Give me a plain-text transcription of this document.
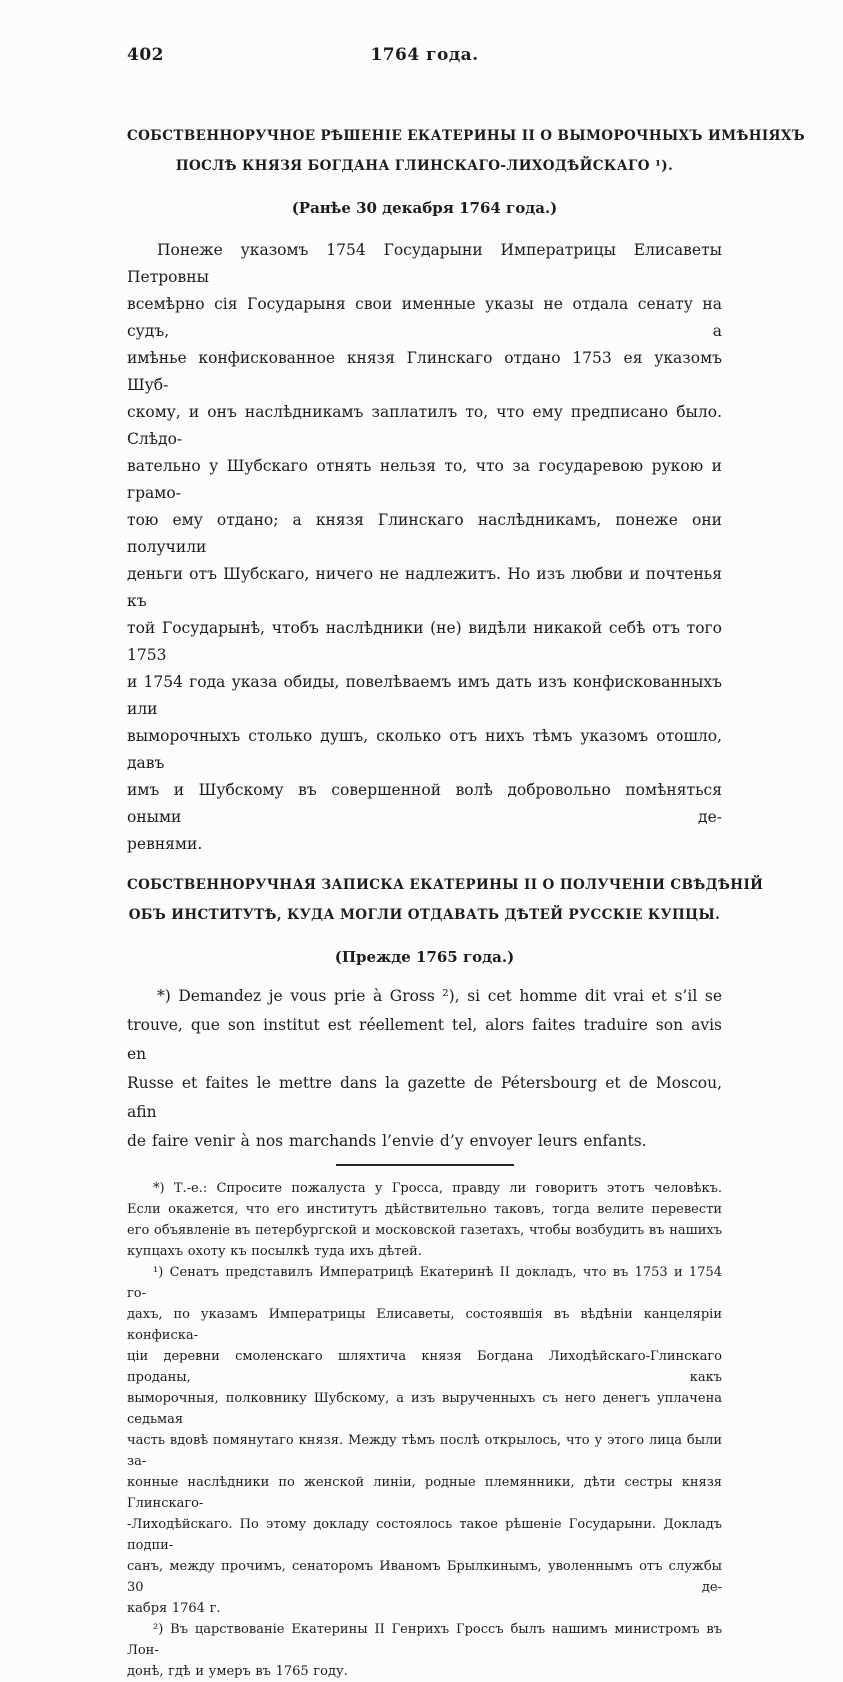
402	1764 года.
СОБСТВЕННОРУЧНОЕ РѢШЕНІЕ ЕКАТЕРИНЫ II О ВЫМОРОЧНЫХЪ ИМѢНІЯХЪ
ПОСЛѢ КНЯЗЯ БОГДАНА ГЛИНСКАГО-ЛИХОДѢЙСКАГО ¹).
(Ранѣе 30 декабря 1764 года.)
Понеже указомъ 1754 Государыни Императрицы Елисаветы Петровны
всемѣрно сія Государыня свои именные указы не отдала сенату на судъ, а
имѣнье конфискованное князя Глинскаго отдано 1753 ея указомъ Шуб-
скому, и онъ наслѣдникамъ заплатилъ то, что ему предписано было. Слѣдо-
вательно у Шубскаго отнять нельзя то, что за государевою рукою и грамо-
тою ему отдано; а князя Глинскаго наслѣдникамъ, понеже они получили
деньги отъ Шубскаго, ничего не надлежитъ. Но изъ любви и почтенья къ
той Государынѣ, чтобъ наслѣдники (не) видѣли никакой себѣ отъ того 1753
и 1754 года указа обиды, повелѣваемъ имъ дать изъ конфискованныхъ или
выморочныхъ столько душъ, сколько отъ нихъ тѣмъ указомъ отошло, давъ
имъ и Шубскому въ совершенной волѣ добровольно помѣняться оными де-
ревнями.
СОБСТВЕННОРУЧНАЯ ЗАПИСКА ЕКАТЕРИНЫ II О ПОЛУЧЕНІИ СВѢДѢНІЙ
ОБЪ ИНСТИТУТѢ, КУДА МОГЛИ ОТДАВАТЬ ДѢТЕЙ РУССКІЕ КУПЦЫ.
(Прежде 1765 года.)
*) Demandez je vous prie à Gross ²), si cet homme dit vrai et s’il se
trouve, que son institut est réellement tel, alors faites traduire son avis en
Russe et faites le mettre dans la gazette de Pétersbourg et de Moscou, afin
de faire venir à nos marchands l’envie d’y envoyer leurs enfants.
*) Т.-е.: Спросите пожалуста у Гросса, правду ли говоритъ этотъ человѣкъ.
Если окажется, что его институтъ дѣйствительно таковъ, тогда велите перевести
его объявленіе въ петербургской и московской газетахъ, чтобы возбудить въ нашихъ
купцахъ охоту къ посылкѣ туда ихъ дѣтей.
¹) Сенатъ представилъ Императрицѣ Екатеринѣ II докладъ, что въ 1753 и 1754 го-
дахъ, по указамъ Императрицы Елисаветы, состоявшія въ вѣдѣніи канцеляріи конфиска-
ціи деревни смоленскаго шляхтича князя Богдана Лиходѣйскаго-Глинскаго проданы, какъ
выморочныя, полковнику Шубскому, а изъ вырученныхъ съ него денегъ уплачена седьмая
часть вдовѣ помянутаго князя. Между тѣмъ послѣ открылось, что у этого лица были за-
конные наслѣдники по женской линіи, родные племянники, дѣти сестры князя Глинскаго-
-Лиходѣйскаго. По этому докладу состоялось такое рѣшеніе Государыни. Докладъ подпи-
санъ, между прочимъ, сенаторомъ Иваномъ Брылкинымъ, уволеннымъ отъ службы 30 де-
кабря 1764 г.
²) Въ царствованіе Екатерины II Генрихъ Гроссъ былъ нашимъ министромъ въ Лон-
донѣ, гдѣ и умеръ въ 1765 году.
